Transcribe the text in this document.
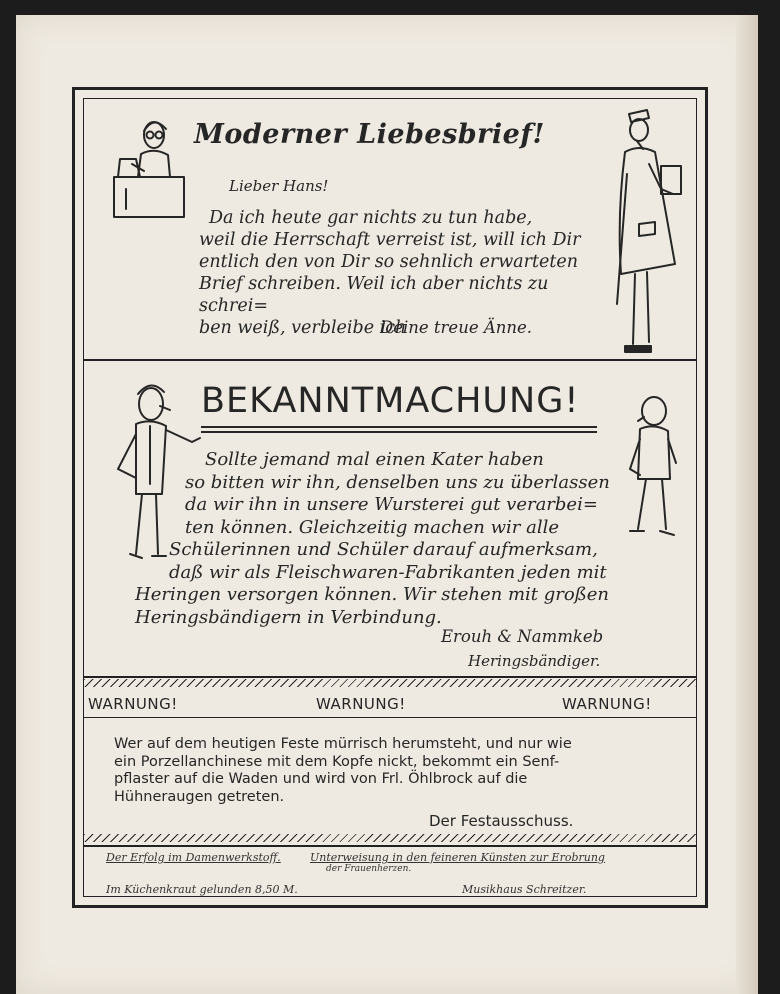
Moderner Liebesbrief!
Lieber Hans!
Da ich heute gar nichts zu tun habe,
weil die Herrschaft verreist ist, will ich Dir
entlich den von Dir so sehnlich erwarteten
Brief schreiben. Weil ich aber nichts zu schrei=
ben weiß, verbleibe ich
Deine treue Änne.
BEKANNTMACHUNG!
Sollte jemand mal einen Kater haben
so bitten wir ihn, denselben uns zu überlassen
da wir ihn in unsere Wursterei gut verarbei=
ten können. Gleichzeitig machen wir alle
Schülerinnen und Schüler darauf aufmerksam,
daß wir als Fleischwaren-Fabrikanten jeden mit
Heringen versorgen können. Wir stehen mit großen
Heringsbändigern in Verbindung.
Erouh & Nammkeb
Heringsbändiger.
WARNUNG!	WARNUNG!	WARNUNG!
Wer auf dem heutigen Feste mürrisch herumsteht, und nur wie
ein Porzellanchinese mit dem Kopfe nickt, bekommt ein Senf-
pflaster auf die Waden und wird von Frl. Öhlbrock auf die
Hühneraugen getreten.
Der Festausschuss.
Der Erfolg im Damenwerkstoff.	Unterweisung in den feineren Künsten zur Erobrung
der Frauenherzen.
Im Küchenkraut gelunden 8,50 M.	Musikhaus Schreitzer.
